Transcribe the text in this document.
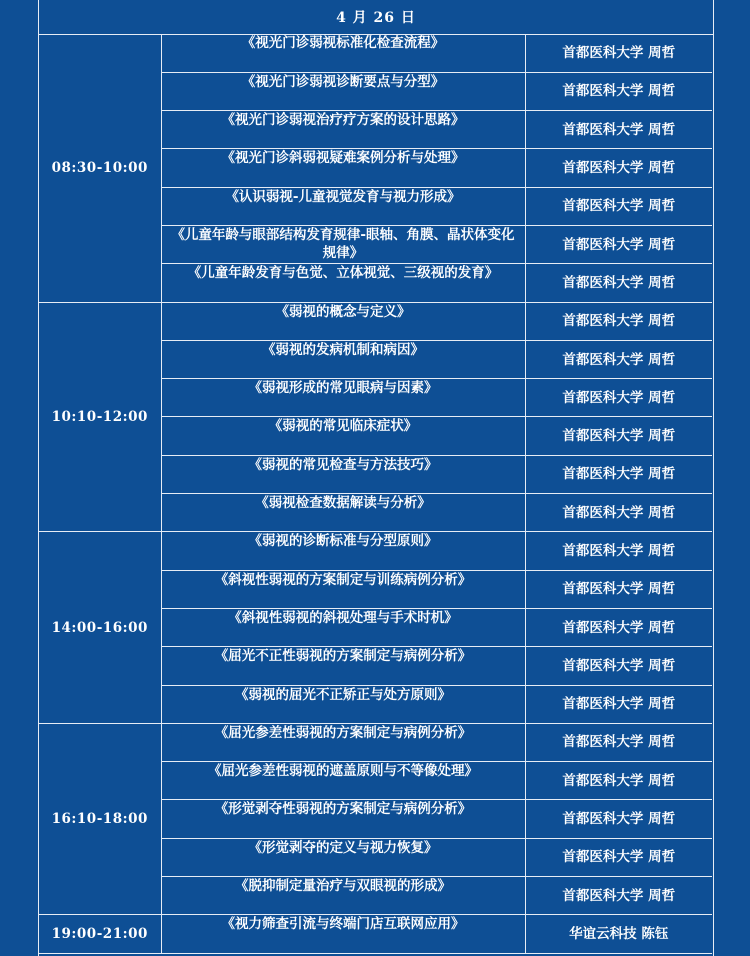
4 月 26 日
08:30-10:00	《视光门诊弱视标准化检查流程》	首都医科大学 周哲
	《视光门诊弱视诊断要点与分型》	首都医科大学 周哲
	《视光门诊弱视治疗疗方案的设计思路》	首都医科大学 周哲
	《视光门诊斜弱视疑难案例分析与处理》	首都医科大学 周哲
	《认识弱视-儿童视觉发育与视力形成》	首都医科大学 周哲
	《儿童年龄与眼部结构发育规律-眼轴、角膜、晶状体变化规律》	首都医科大学 周哲
	《儿童年龄发育与色觉、立体视觉、三级视的发育》	首都医科大学 周哲
10:10-12:00	《弱视的概念与定义》	首都医科大学 周哲
	《弱视的发病机制和病因》	首都医科大学 周哲
	《弱视形成的常见眼病与因素》	首都医科大学 周哲
	《弱视的常见临床症状》	首都医科大学 周哲
	《弱视的常见检查与方法技巧》	首都医科大学 周哲
	《弱视检查数据解读与分析》	首都医科大学 周哲
14:00-16:00	《弱视的诊断标准与分型原则》	首都医科大学 周哲
	《斜视性弱视的方案制定与训练病例分析》	首都医科大学 周哲
	《斜视性弱视的斜视处理与手术时机》	首都医科大学 周哲
	《屈光不正性弱视的方案制定与病例分析》	首都医科大学 周哲
	《弱视的屈光不正矫正与处方原则》	首都医科大学 周哲
16:10-18:00	《屈光参差性弱视的方案制定与病例分析》	首都医科大学 周哲
	《屈光参差性弱视的遮盖原则与不等像处理》	首都医科大学 周哲
	《形觉剥夺性弱视的方案制定与病例分析》	首都医科大学 周哲
	《形觉剥夺的定义与视力恢复》	首都医科大学 周哲
	《脱抑制定量治疗与双眼视的形成》	首都医科大学 周哲
19:00-21:00	《视力筛查引流与终端门店互联网应用》	华谊云科技 陈钰
